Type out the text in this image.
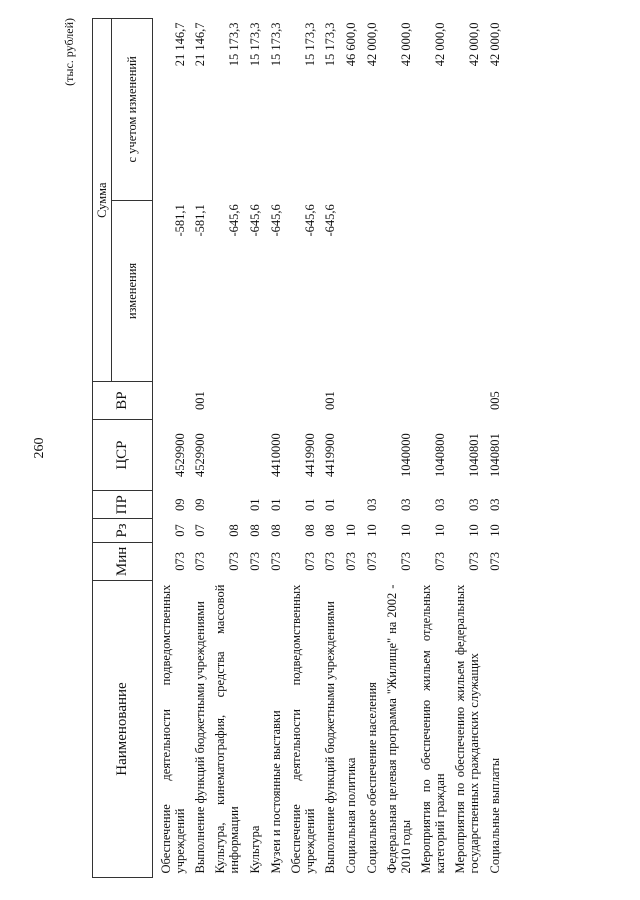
260
(тыс. рублей)
Наименование	Мин	Рз	ПР	ЦСР	ВР	Сумма	
						изменения	с учетом изменений
Обеспечение деятельности подведомственных учреждений	073	07	09	4529900		-581,1	21 146,7
Выполнение функций бюджетными учреждениями	073	07	09	4529900	001	-581,1	21 146,7
Культура, кинематография, средства массовой информации	073	08				-645,6	15 173,3
Культура	073	08	01			-645,6	15 173,3
Музеи и постоянные выставки	073	08	01	4410000		-645,6	15 173,3
Обеспечение деятельности подведомственных учреждений	073	08	01	4419900		-645,6	15 173,3
Выполнение функций бюджетными учреждениями	073	08	01	4419900	001	-645,6	15 173,3
Социальная политика	073	10					46 600,0
Социальное обеспечение населения	073	10	03				42 000,0
Федеральная целевая программа "Жилище" на 2002 - 2010 годы	073	10	03	1040000			42 000,0
Мероприятия по обеспечению жильем отдельных категорий граждан	073	10	03	1040800			42 000,0
Мероприятия по обеспечению жильем федеральных государственных гражданских служащих	073	10	03	1040801			42 000,0
Социальные выплаты	073	10	03	1040801	005		42 000,0
